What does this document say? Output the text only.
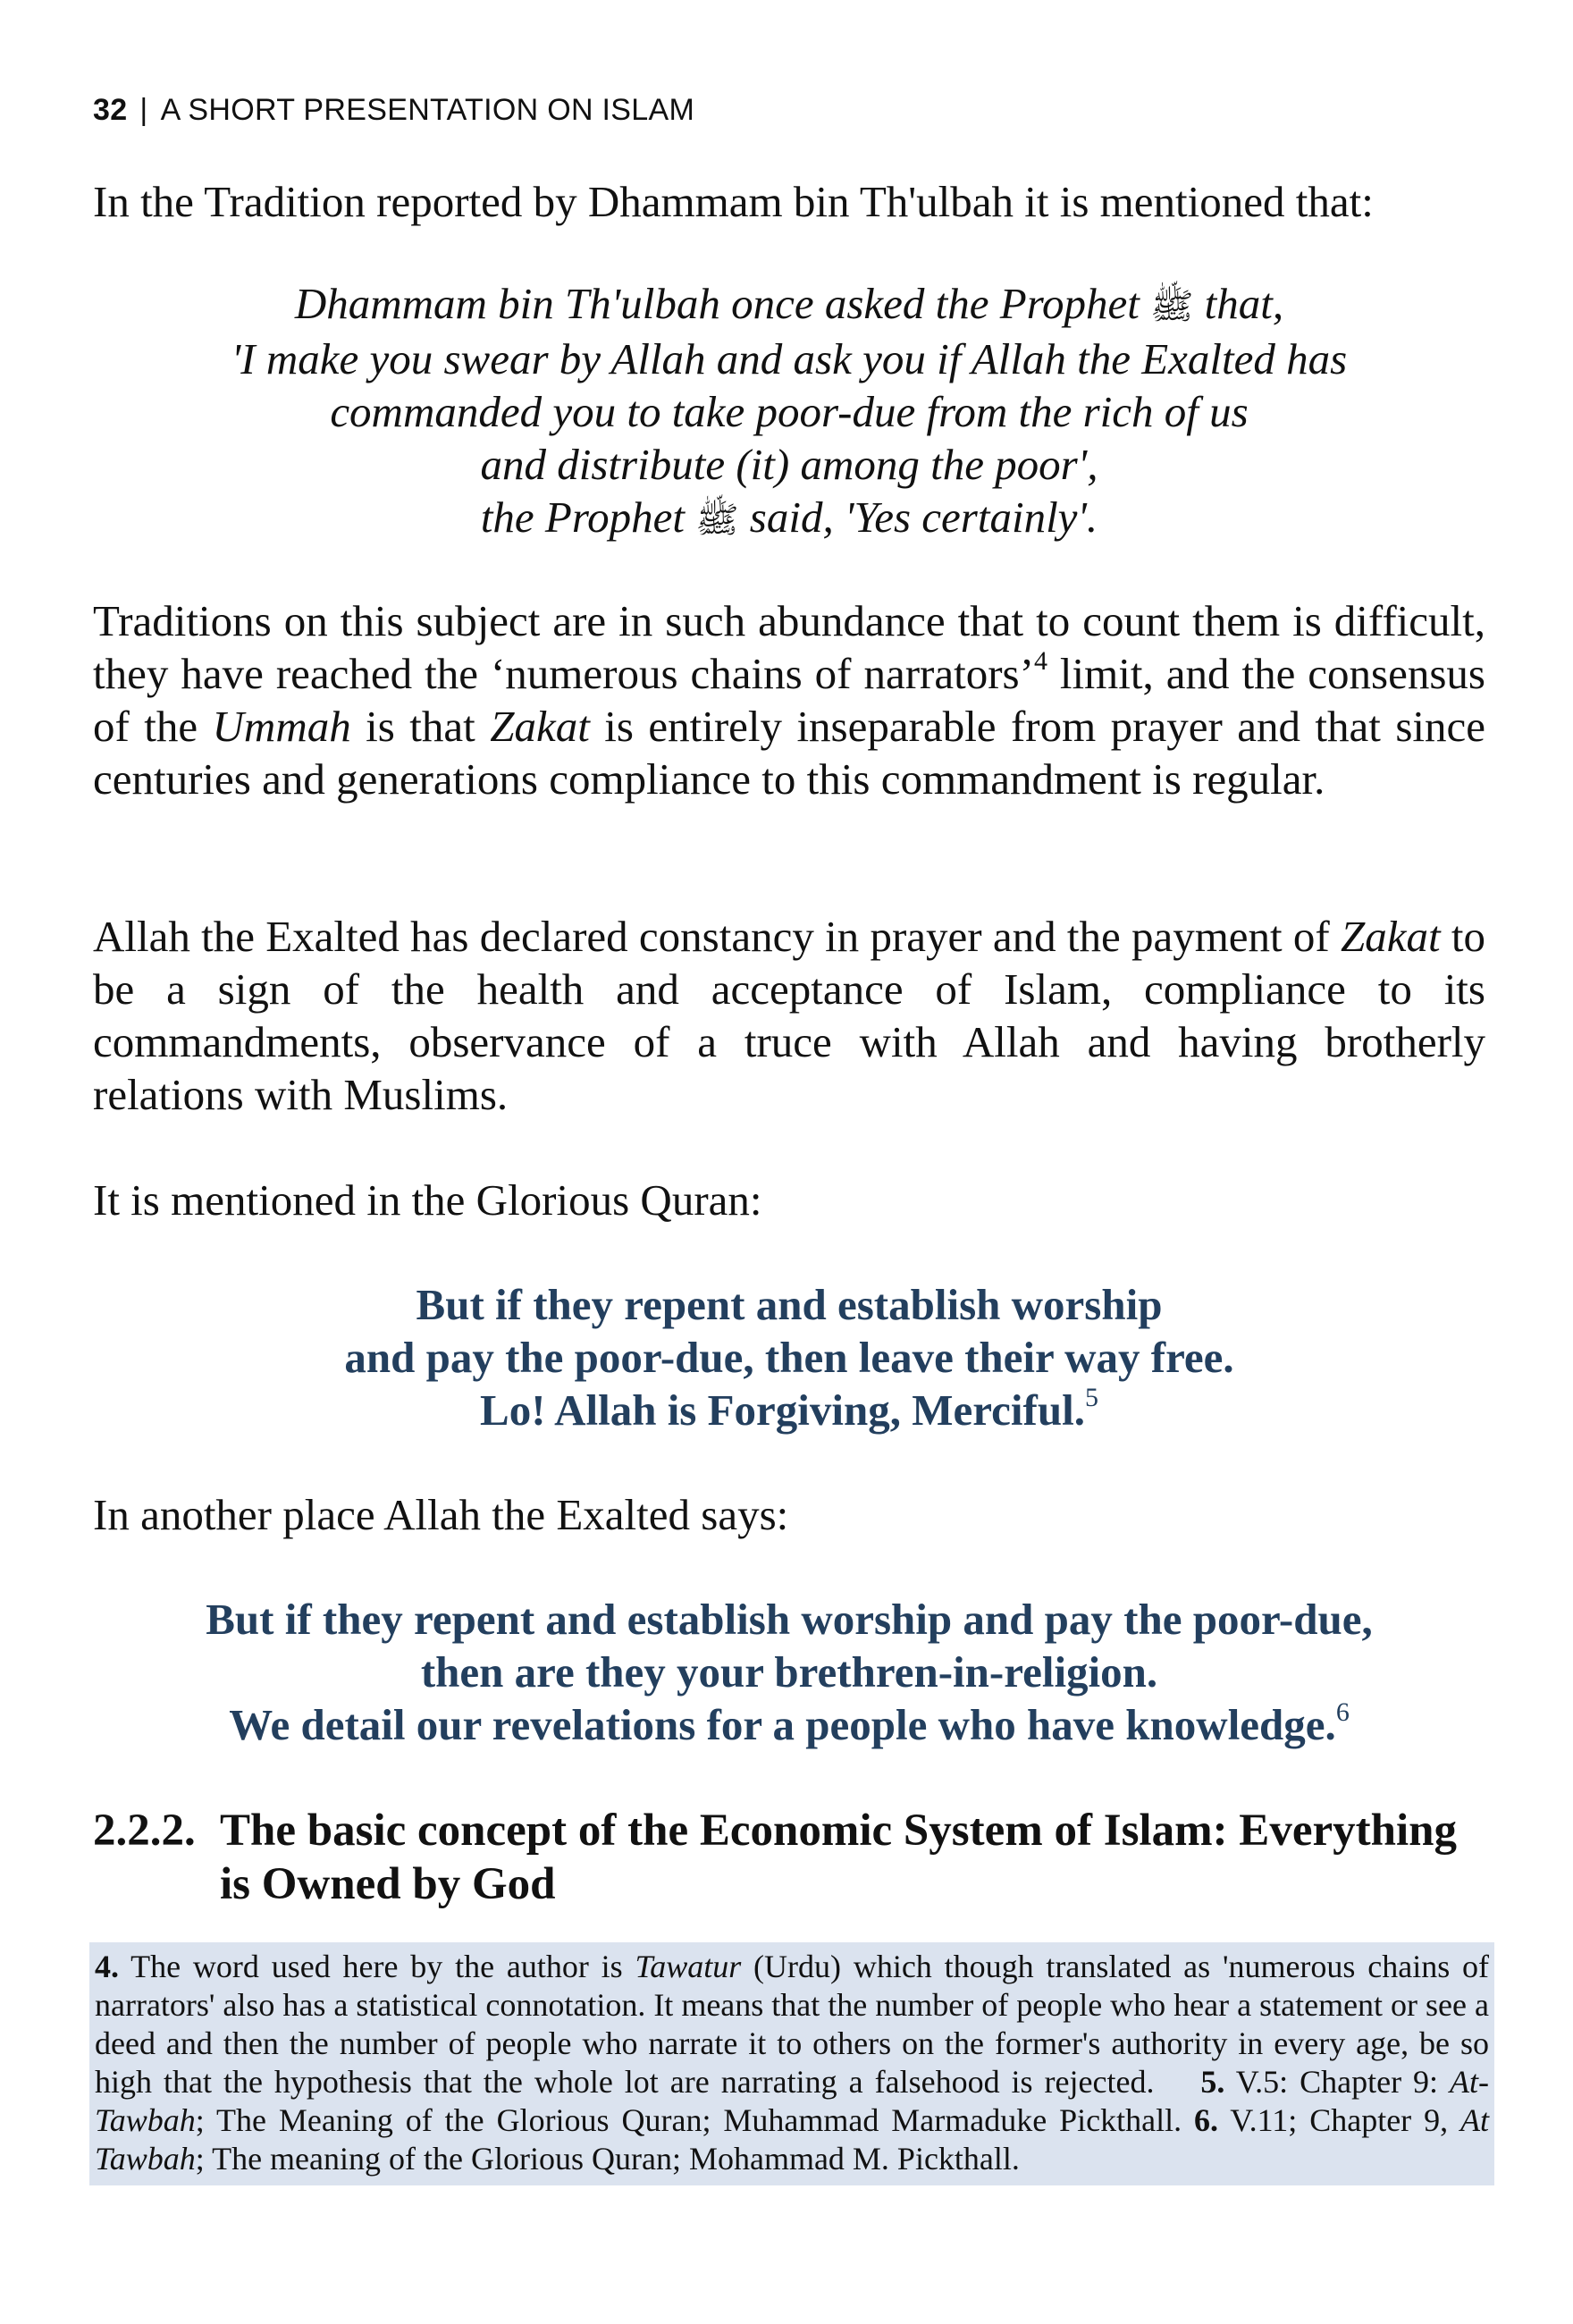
32 | A SHORT PRESENTATION ON ISLAM
In the Tradition reported by Dhammam bin Th'ulbah it is mentioned that:
Dhammam bin Th'ulbah once asked the Prophet ﷺ that,
'I make you swear by Allah and ask you if Allah the Exalted has
commanded you to take poor-due from the rich of us
and distribute (it) among the poor',
the Prophet ﷺ said, 'Yes certainly'.
Traditions on this subject are in such abundance that to count them is difficult, they have reached the ‘numerous chains of narrators’$^4$ limit, and the consensus of the Ummah is that Zakat is entirely inseparable from prayer and that since centuries and generations compliance to this commandment is regular.
Allah the Exalted has declared constancy in prayer and the payment of Zakat to be a sign of the health and acceptance of Islam, compliance to its commandments, observance of a truce with Allah and having brotherly relations with Muslims.
It is mentioned in the Glorious Quran:
But if they repent and establish worship
and pay the poor-due, then leave their way free.
Lo! Allah is Forgiving, Merciful.$^5$
In another place Allah the Exalted says:
But if they repent and establish worship and pay the poor-due,
then are they your brethren-in-religion.
We detail our revelations for a people who have knowledge.$^6$
2.2.2. The basic concept of the Economic System of Islam: Everything
is Owned by God
4. The word used here by the author is Tawatur (Urdu) which though translated as 'numerous chains of narrators' also has a statistical connotation. It means that the number of people who hear a statement or see a deed and then the number of people who narrate it to others on the former's authority in every age, be so high that the hypothesis that the whole lot are narrating a falsehood is rejected. 5. V.5: Chapter 9: At-Tawbah; The Meaning of the Glorious Quran; Muhammad Marmaduke Pickthall. 6. V.11; Chapter 9, At Tawbah; The meaning of the Glorious Quran; Mohammad M. Pickthall.
